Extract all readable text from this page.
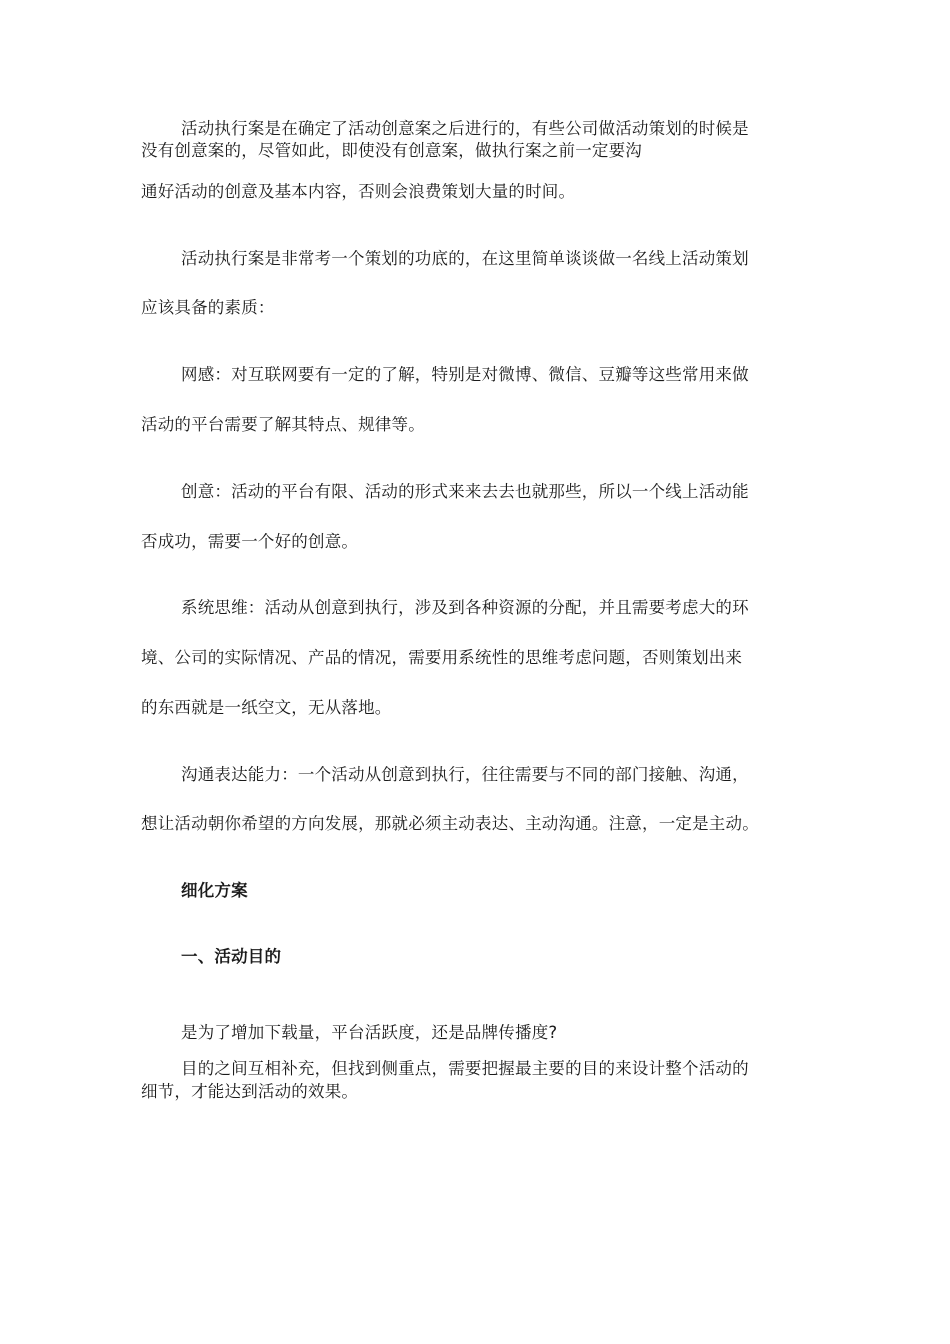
活动执行案是在确定了活动创意案之后进行的，有些公司做活动策划的时候是
没有创意案的，尽管如此，即使没有创意案，做执行案之前一定要沟
通好活动的创意及基本内容，否则会浪费策划大量的时间。
活动执行案是非常考一个策划的功底的，在这里简单谈谈做一名线上活动策划
应该具备的素质：
网感：对互联网要有一定的了解，特别是对微博、微信、豆瓣等这些常用来做
活动的平台需要了解其特点、规律等。
创意：活动的平台有限、活动的形式来来去去也就那些，所以一个线上活动能
否成功，需要一个好的创意。
系统思维：活动从创意到执行，涉及到各种资源的分配，并且需要考虑大的环
境、公司的实际情况、产品的情况，需要用系统性的思维考虑问题，否则策划出来
的东西就是一纸空文，无从落地。
沟通表达能力：一个活动从创意到执行，往往需要与不同的部门接触、沟通，
想让活动朝你希望的方向发展，那就必须主动表达、主动沟通。注意，一定是主动。
细化方案
一、活动目的
是为了增加下载量，平台活跃度，还是品牌传播度?
目的之间互相补充，但找到侧重点，需要把握最主要的目的来设计整个活动的
细节，才能达到活动的效果。
